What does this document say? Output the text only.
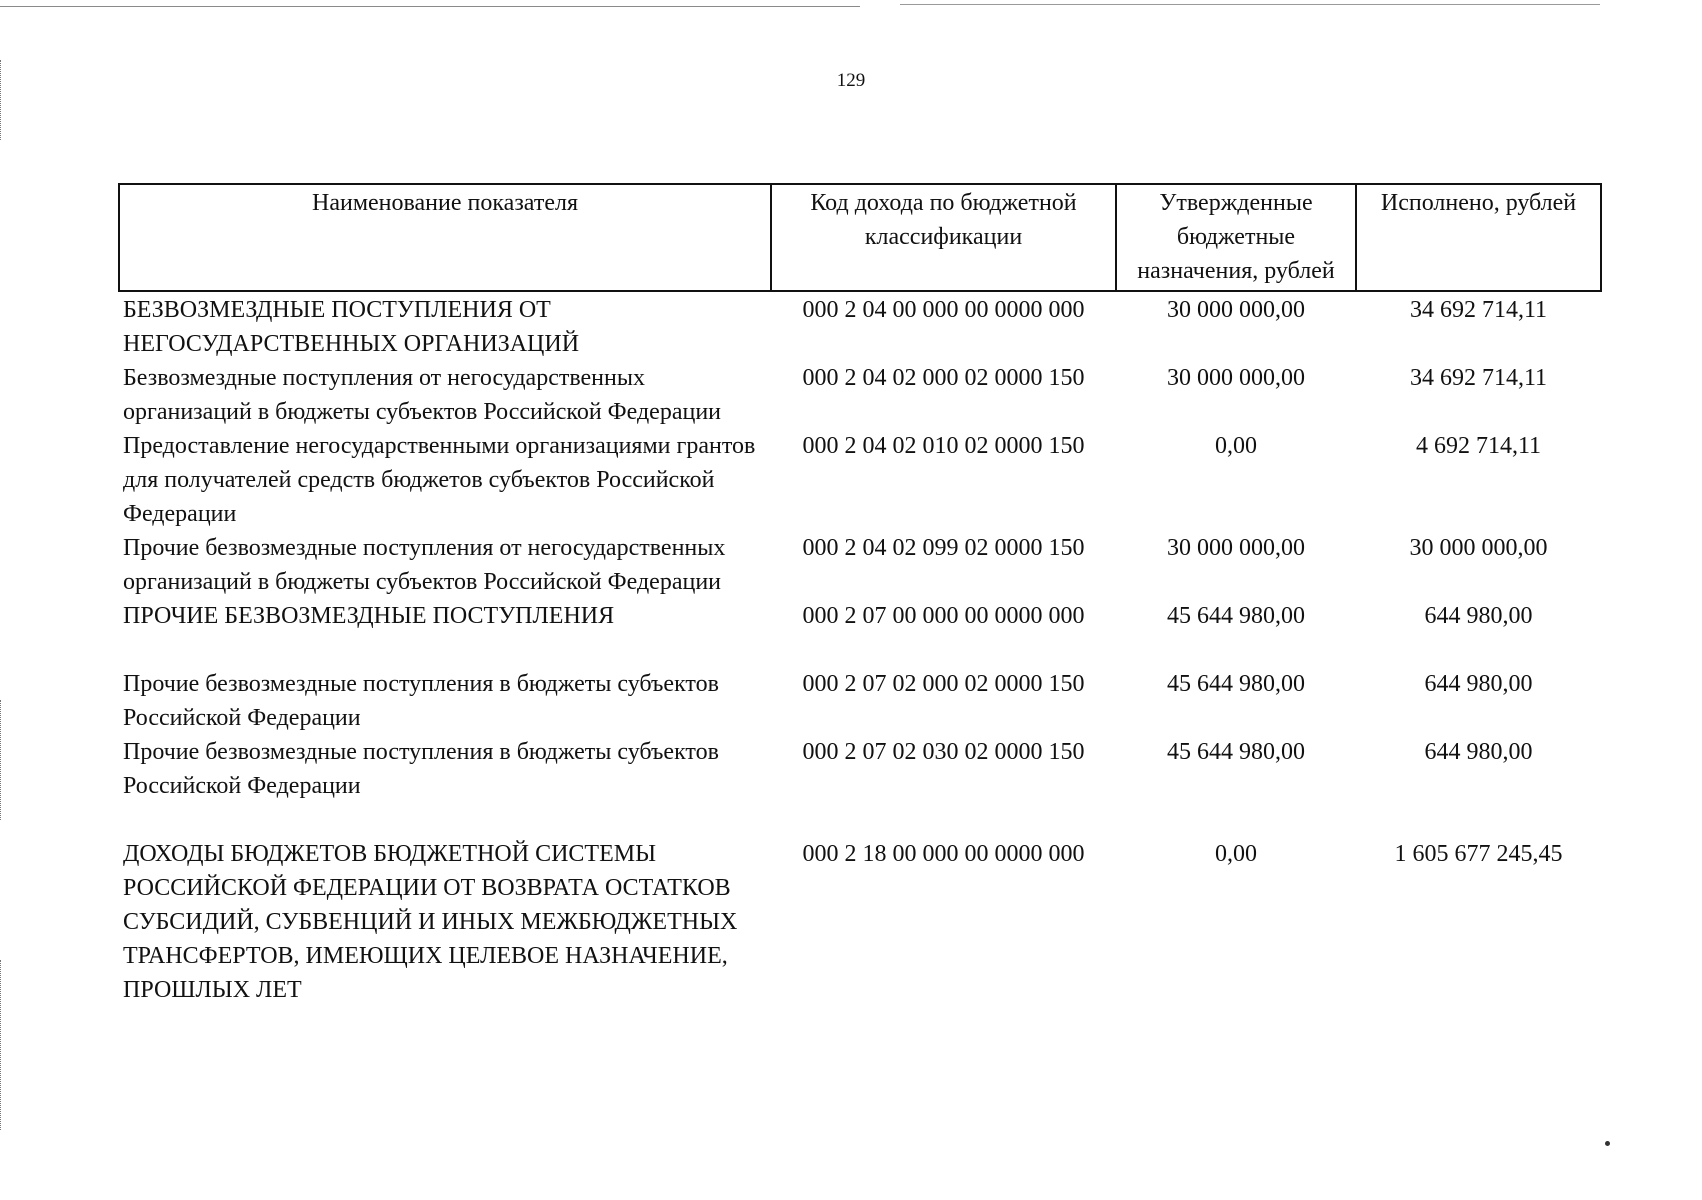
129
Наименование показателя	Код дохода по бюджетной классификации	Утвержденные бюджетные назначения, рублей	Исполнено, рублей
БЕЗВОЗМЕЗДНЫЕ ПОСТУПЛЕНИЯ ОТ НЕГОСУДАРСТВЕННЫХ ОРГАНИЗАЦИЙ	000 2 04 00 000 00 0000 000	30 000 000,00	34 692 714,11
Безвозмездные поступления от негосударственных организаций в бюджеты субъектов Российской Федерации	000 2 04 02 000 02 0000 150	30 000 000,00	34 692 714,11
Предоставление негосударственными организациями грантов для получателей средств бюджетов субъектов Российской Федерации	000 2 04 02 010 02 0000 150	0,00	4 692 714,11
Прочие безвозмездные поступления от негосударственных организаций в бюджеты субъектов Российской Федерации	000 2 04 02 099 02 0000 150	30 000 000,00	30 000 000,00
ПРОЧИЕ БЕЗВОЗМЕЗДНЫЕ ПОСТУПЛЕНИЯ	000 2 07 00 000 00 0000 000	45 644 980,00	644 980,00
Прочие безвозмездные поступления в бюджеты субъектов Российской Федерации	000 2 07 02 000 02 0000 150	45 644 980,00	644 980,00
Прочие безвозмездные поступления в бюджеты субъектов Российской Федерации	000 2 07 02 030 02 0000 150	45 644 980,00	644 980,00
ДОХОДЫ БЮДЖЕТОВ БЮДЖЕТНОЙ СИСТЕМЫ РОССИЙСКОЙ ФЕДЕРАЦИИ ОТ ВОЗВРАТА ОСТАТКОВ СУБСИДИЙ, СУБВЕНЦИЙ И ИНЫХ МЕЖБЮДЖЕТНЫХ ТРАНСФЕРТОВ, ИМЕЮЩИХ ЦЕЛЕВОЕ НАЗНАЧЕНИЕ, ПРОШЛЫХ ЛЕТ	000 2 18 00 000 00 0000 000	0,00	1 605 677 245,45
